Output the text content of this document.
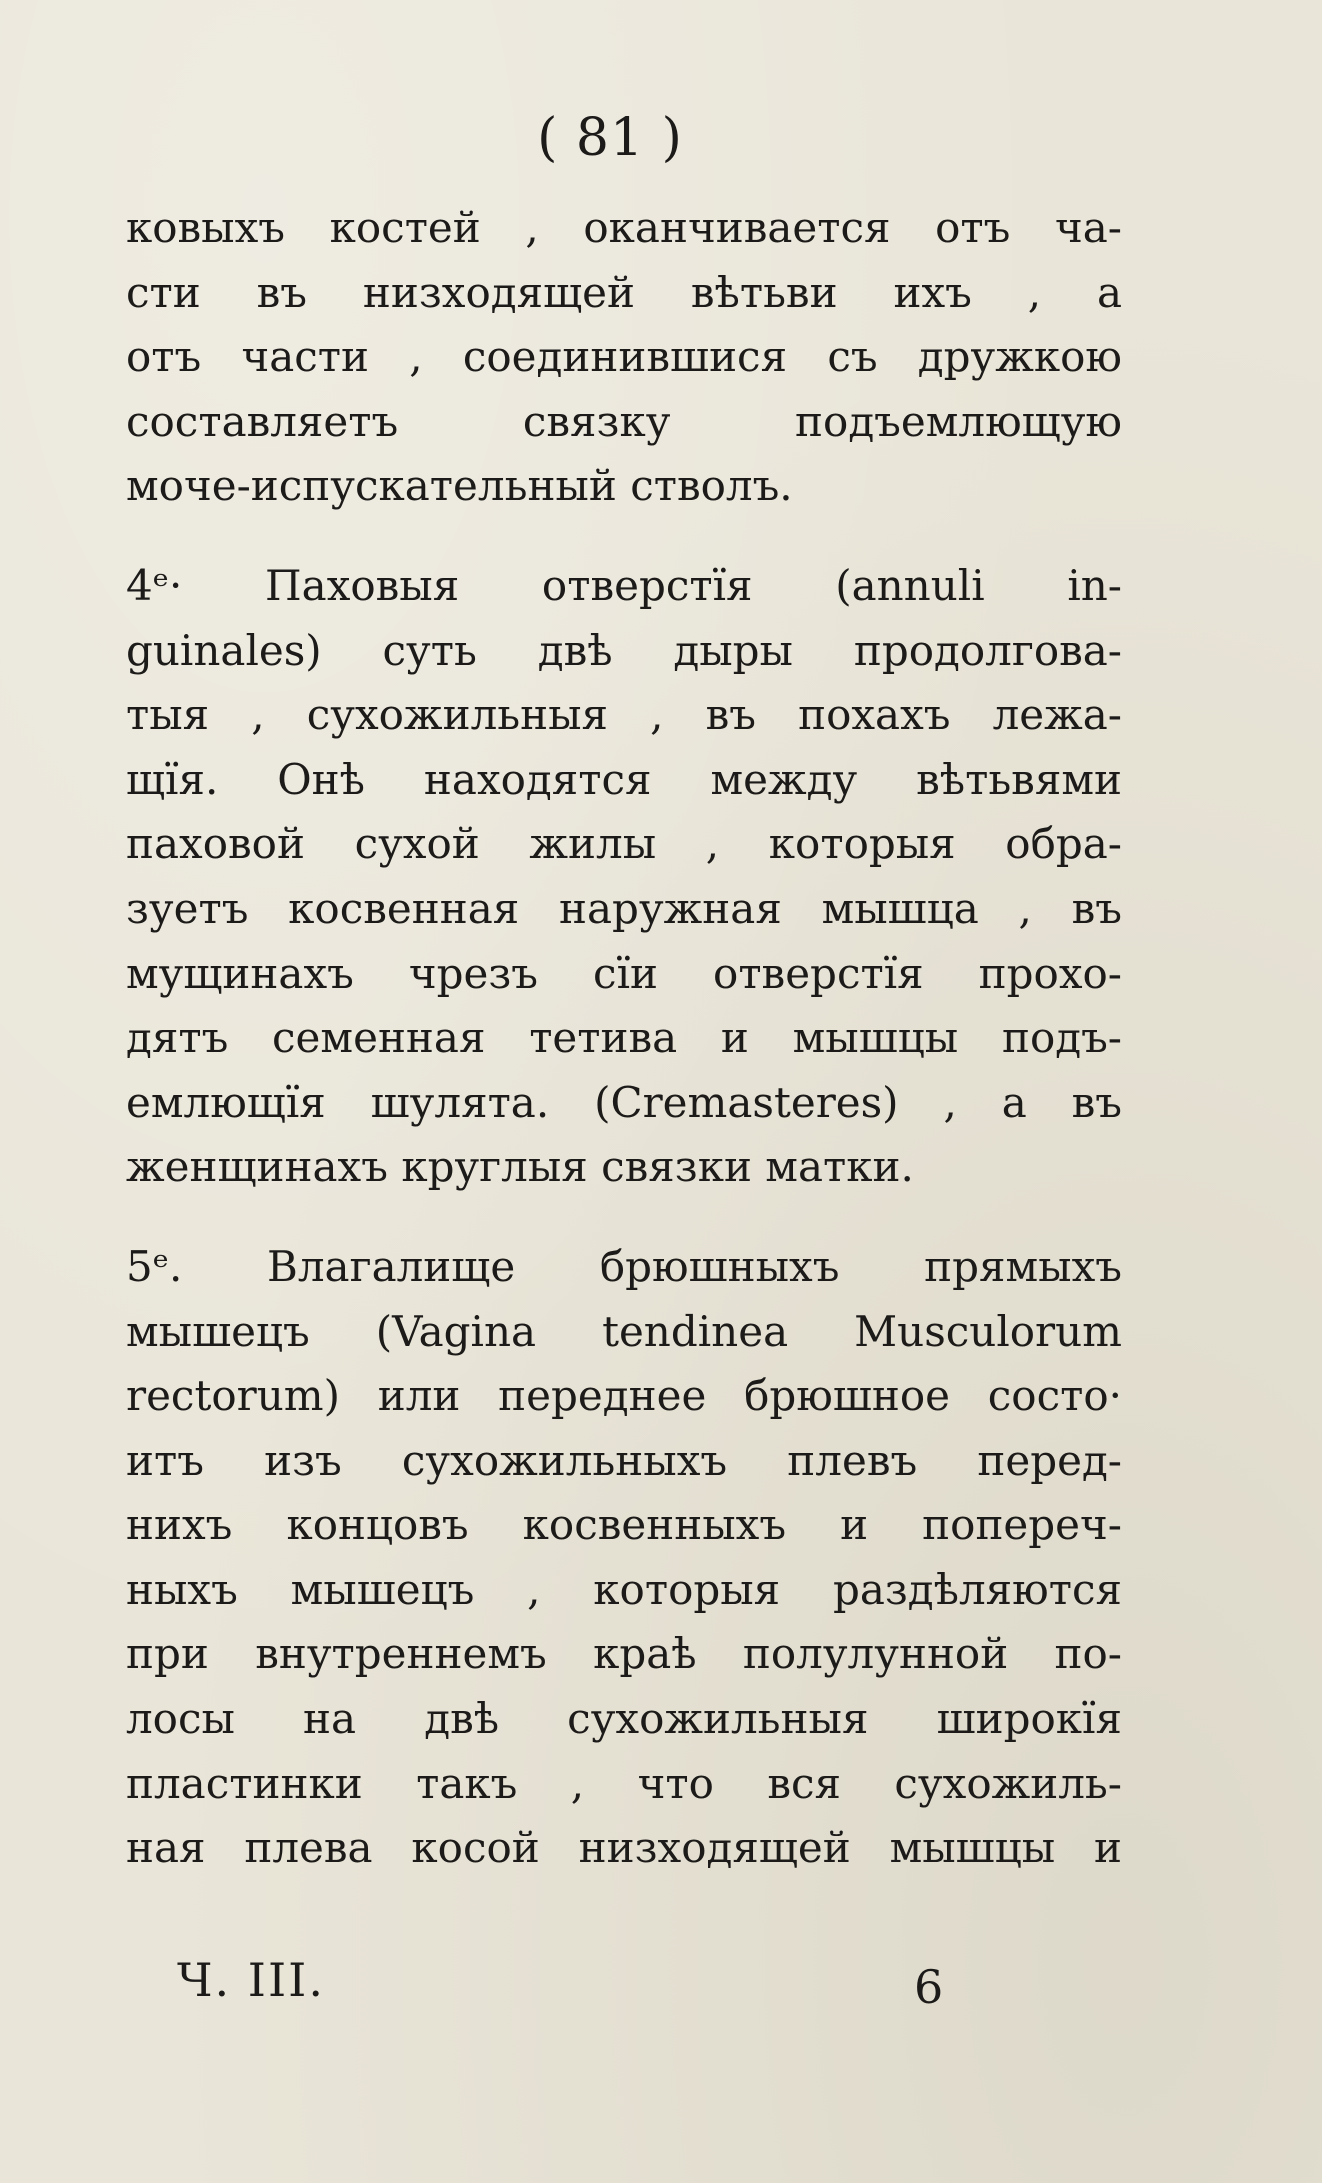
( 81 )
ковыхъ костей , оканчивается отъ ча-
сти въ низходящей вѣтьви ихъ , а
отъ части , соединившися съ дружкою
составляетъ связку подъемлющую
моче-испускательный стволъ.
4ᵉ· Паховыя отверстїя (annuli in-
guinales) суть двѣ дыры продолгова-
тыя , сухожильныя , въ похахъ лежа-
щїя. Онѣ находятся между вѣтьвями
паховой сухой жилы , которыя обра-
зуетъ косвенная наружная мышца , въ
мущинахъ чрезъ сїи отверстїя прохо-
дятъ семенная тетива и мышцы подъ-
емлющїя шулята. (Cremasteres) , а въ
женщинахъ круглыя связки матки.
5ᵉ. Влагалище брюшныхъ прямыхъ
мышецъ (Vagina tendinea Musculorum
rectorum) или переднее брюшное состо·
итъ изъ сухожильныхъ плевъ перед-
нихъ концовъ косвенныхъ и попереч-
ныхъ мышецъ , которыя раздѣляются
при внутреннемъ краѣ полулунной по-
лосы на двѣ сухожильныя широкїя
пластинки такъ , что вся сухожиль-
ная плева косой низходящей мышцы и
Ч. III.	6
